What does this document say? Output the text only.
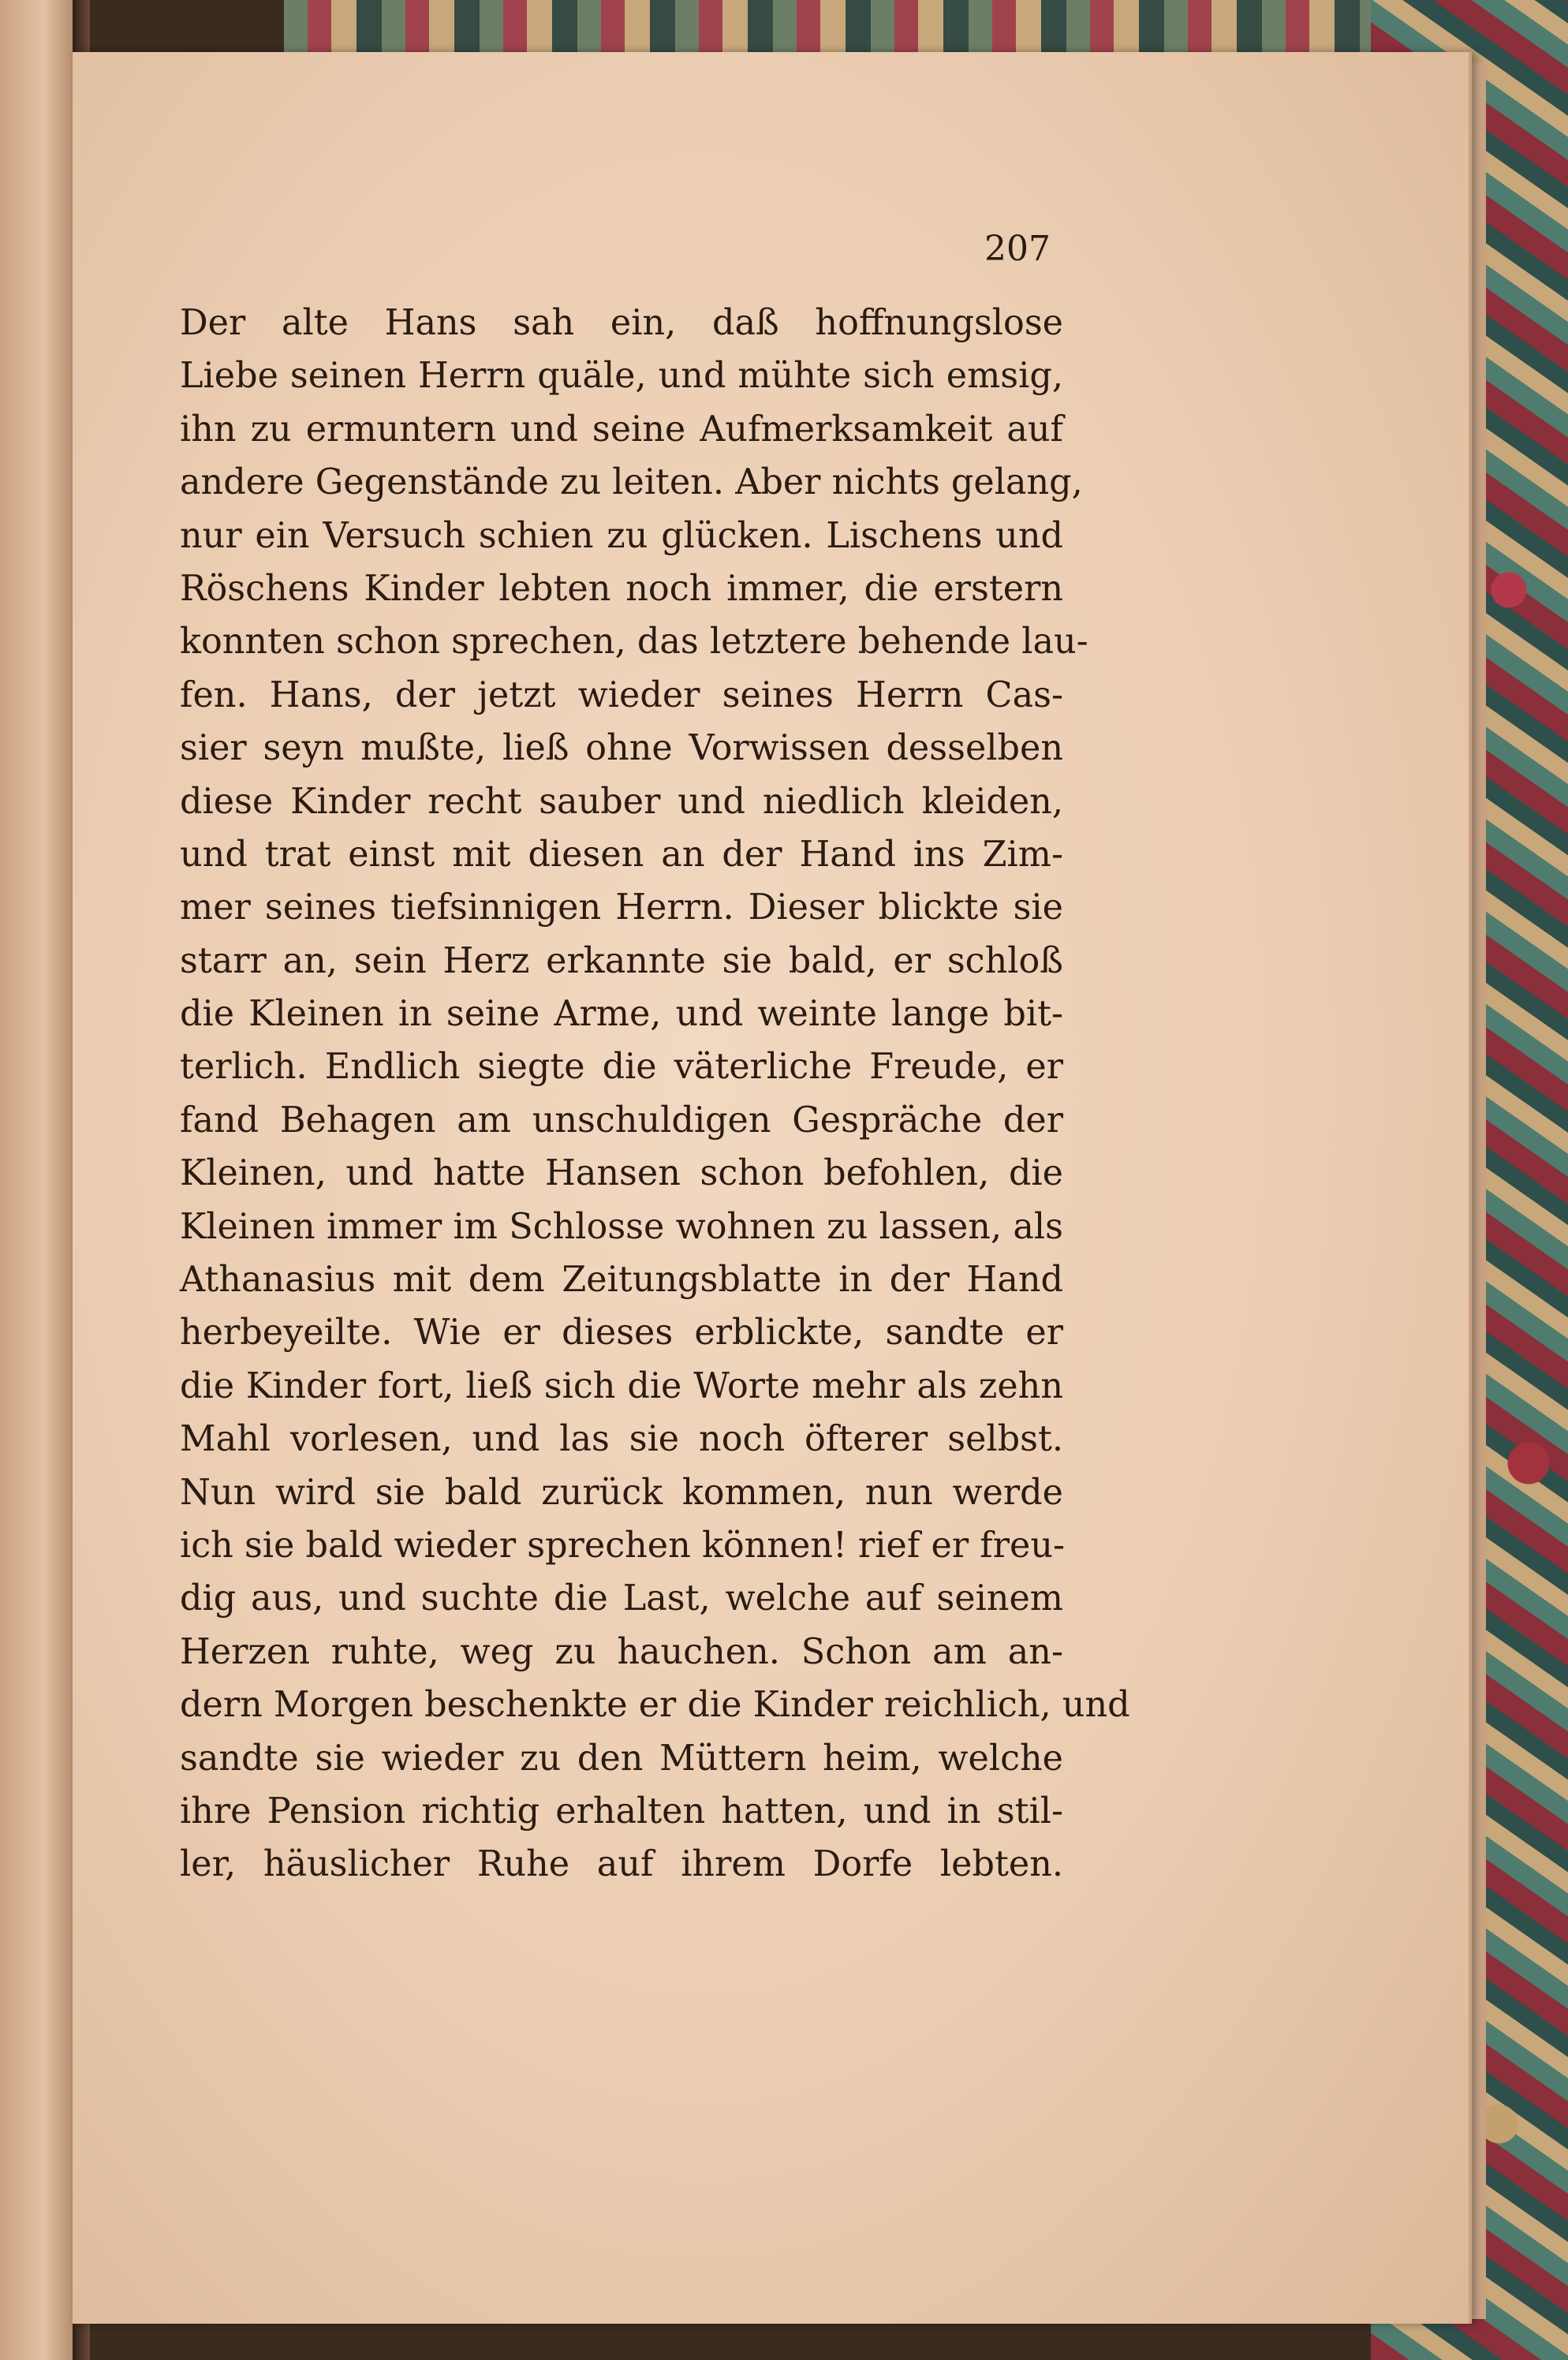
207
Der alte Hans sah ein, daß hoffnungslose
Liebe seinen Herrn quäle, und mühte sich emsig,
ihn zu ermuntern und seine Aufmerksamkeit auf
andere Gegenstände zu leiten. Aber nichts gelang,
nur ein Versuch schien zu glücken. Lischens und
Röschens Kinder lebten noch immer, die erstern
konnten schon sprechen, das letztere behende lau-
fen. Hans, der jetzt wieder seines Herrn Cas-
sier seyn mußte, ließ ohne Vorwissen desselben
diese Kinder recht sauber und niedlich kleiden,
und trat einst mit diesen an der Hand ins Zim-
mer seines tiefsinnigen Herrn. Dieser blickte sie
starr an, sein Herz erkannte sie bald, er schloß
die Kleinen in seine Arme, und weinte lange bit-
terlich. Endlich siegte die väterliche Freude, er
fand Behagen am unschuldigen Gespräche der
Kleinen, und hatte Hansen schon befohlen, die
Kleinen immer im Schlosse wohnen zu lassen, als
Athanasius mit dem Zeitungsblatte in der Hand
herbeyeilte. Wie er dieses erblickte, sandte er
die Kinder fort, ließ sich die Worte mehr als zehn
Mahl vorlesen, und las sie noch öfterer selbst.
Nun wird sie bald zurück kommen, nun werde
ich sie bald wieder sprechen können! rief er freu-
dig aus, und suchte die Last, welche auf seinem
Herzen ruhte, weg zu hauchen. Schon am an-
dern Morgen beschenkte er die Kinder reichlich, und
sandte sie wieder zu den Müttern heim, welche
ihre Pension richtig erhalten hatten, und in stil-
ler, häuslicher Ruhe auf ihrem Dorfe lebten.
